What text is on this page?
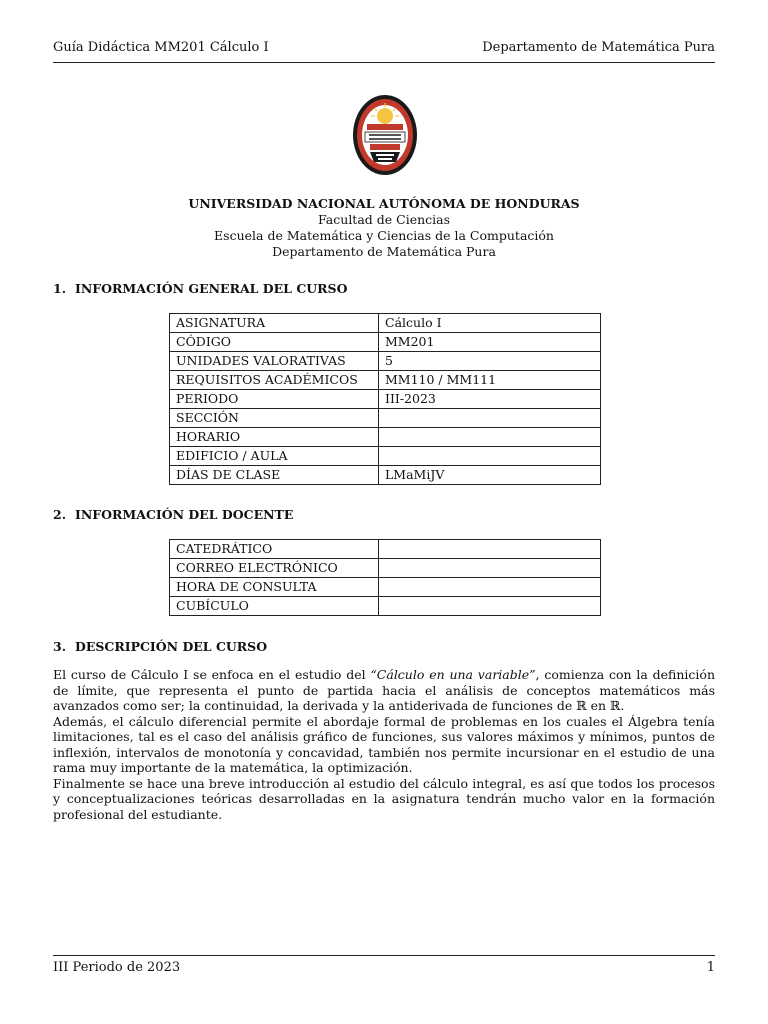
Guía Didáctica MM201 Cálculo I	Departamento de Matemática Pura
UNIVERSIDAD NACIONAL AUTÓNOMA DE HONDURAS
Facultad de Ciencias
Escuela de Matemática y Ciencias de la Computación
Departamento de Matemática Pura
1. INFORMACIÓN GENERAL DEL CURSO
ASIGNATURA	Cálculo I
CÓDIGO	MM201
UNIDADES VALORATIVAS	5
REQUISITOS ACADÉMICOS	MM110 / MM111
PERIODO	III-2023
SECCIÓN	
HORARIO	
EDIFICIO / AULA	
DÍAS DE CLASE	LMaMiJV
2. INFORMACIÓN DEL DOCENTE
CATEDRÁTICO	
CORREO ELECTRÓNICO	
HORA DE CONSULTA	
CUBÍCULO	
3. DESCRIPCIÓN DEL CURSO

El curso de Cálculo I se enfoca en el estudio del “Cálculo en una variable”, comienza con la definición de límite, que representa el punto de partida hacia el análisis de conceptos matemáticos más avanzados como ser; la continuidad, la derivada y la antiderivada de funciones de ℝ en ℝ.

Además, el cálculo diferencial permite el abordaje formal de problemas en los cuales el Álgebra tenía limitaciones, tal es el caso del análisis gráfico de funciones, sus valores máximos y mínimos, puntos de inflexión, intervalos de monotonía y concavidad, también nos permite incursionar en el estudio de una rama muy importante de la matemática, la optimización.

Finalmente se hace una breve introducción al estudio del cálculo integral, es así que todos los procesos y conceptualizaciones teóricas desarrolladas en la asignatura tendrán mucho valor en la formación profesional del estudiante.

III Periodo de 2023	1
